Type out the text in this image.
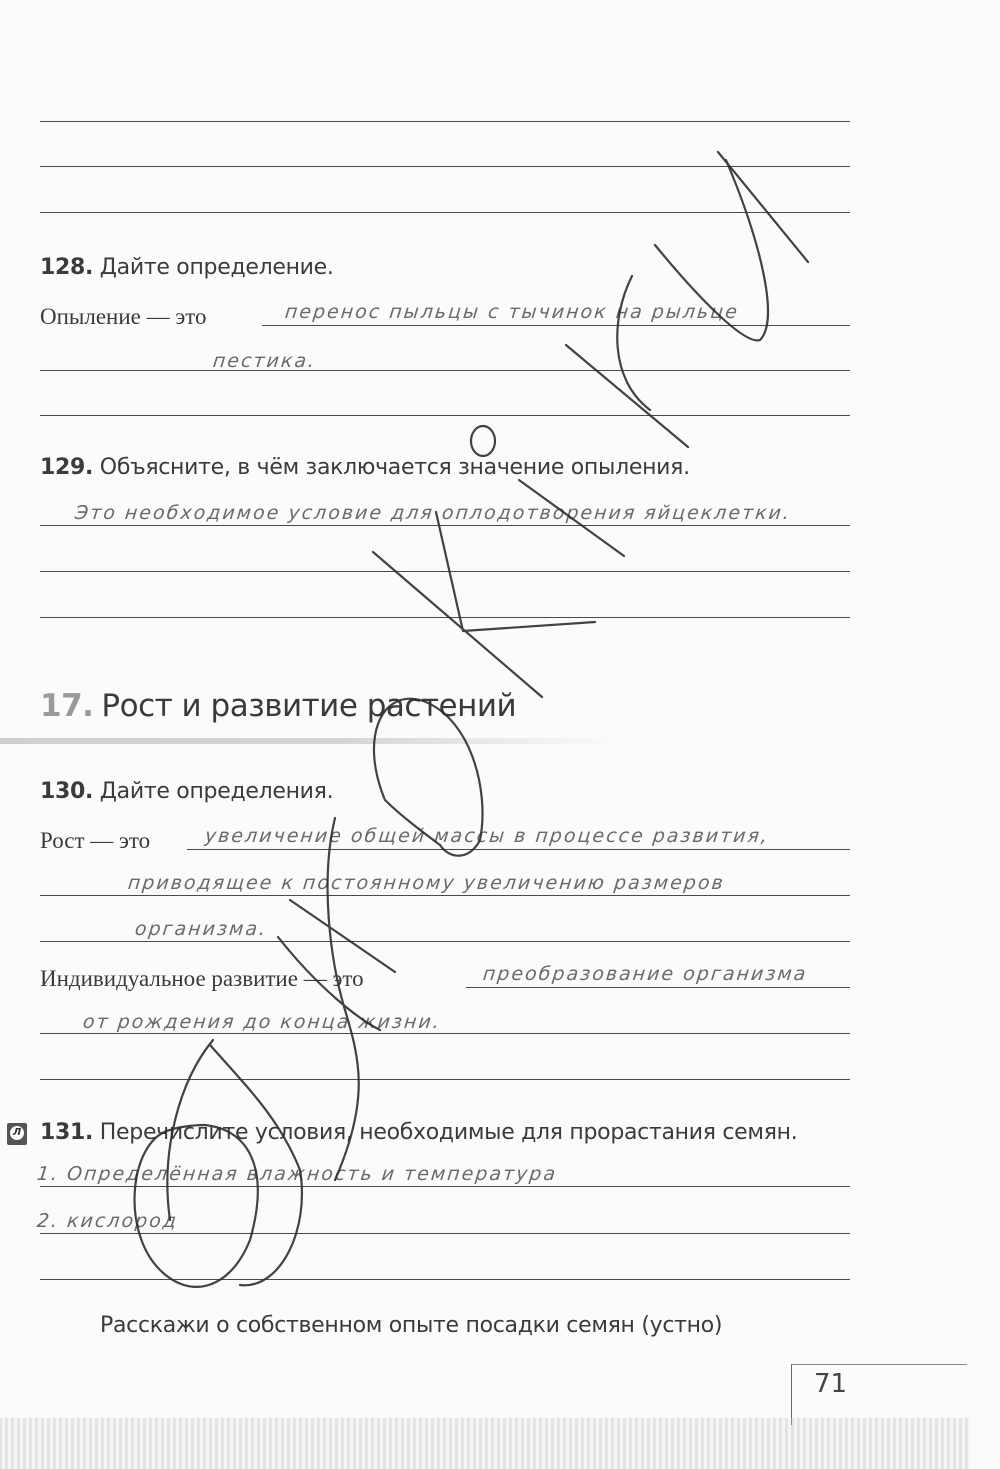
128. Дайте определение.
Опыление — это	перенос пыльцы с тычинок на рыльце
пестика.
129. Объясните, в чём заключается значение опыления.
Это необходимое условие для оплодотворения яйцеклетки.
17. Рост и развитие растений
130. Дайте определения.
Рост — это	увеличение общей массы в процессе развития,
приводящее к постоянному увеличению размеров
организма.
Индивидуальное развитие — это	преобразование организма
от рождения до конца жизни.
Л 131. Перечислите условия, необходимые для прорастания семян.
1. Определённая влажность и температура
2. кислород
Расскажи о собственном опыте посадки семян (устно)
71
